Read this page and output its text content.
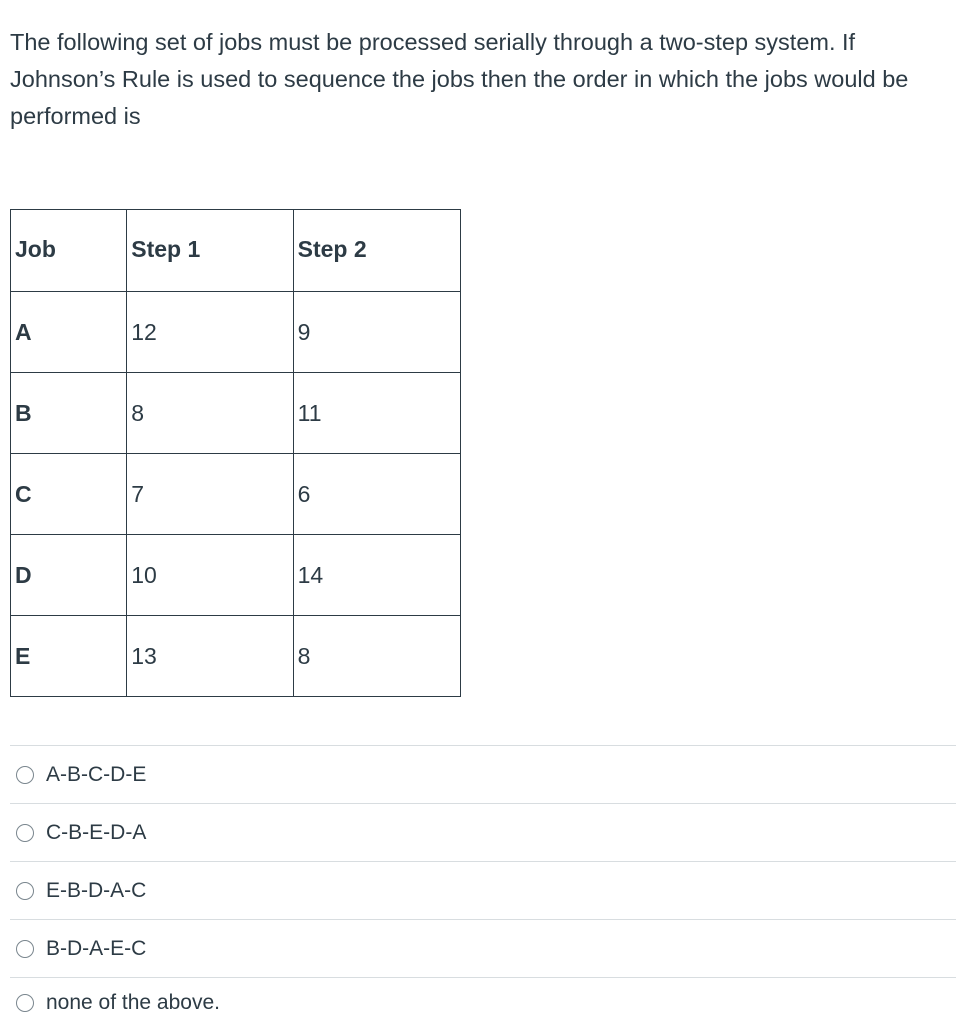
The following set of jobs must be processed serially through a two-step system. If Johnson’s Rule is used to sequence the jobs then the order in which the jobs would be performed is

Job	Step 1	Step 2
A	12	9
B	8	11
C	7	6
D	10	14
E	13	8
A-B-C-D-E
C-B-E-D-A
E-B-D-A-C
B-D-A-E-C
none of the above.
